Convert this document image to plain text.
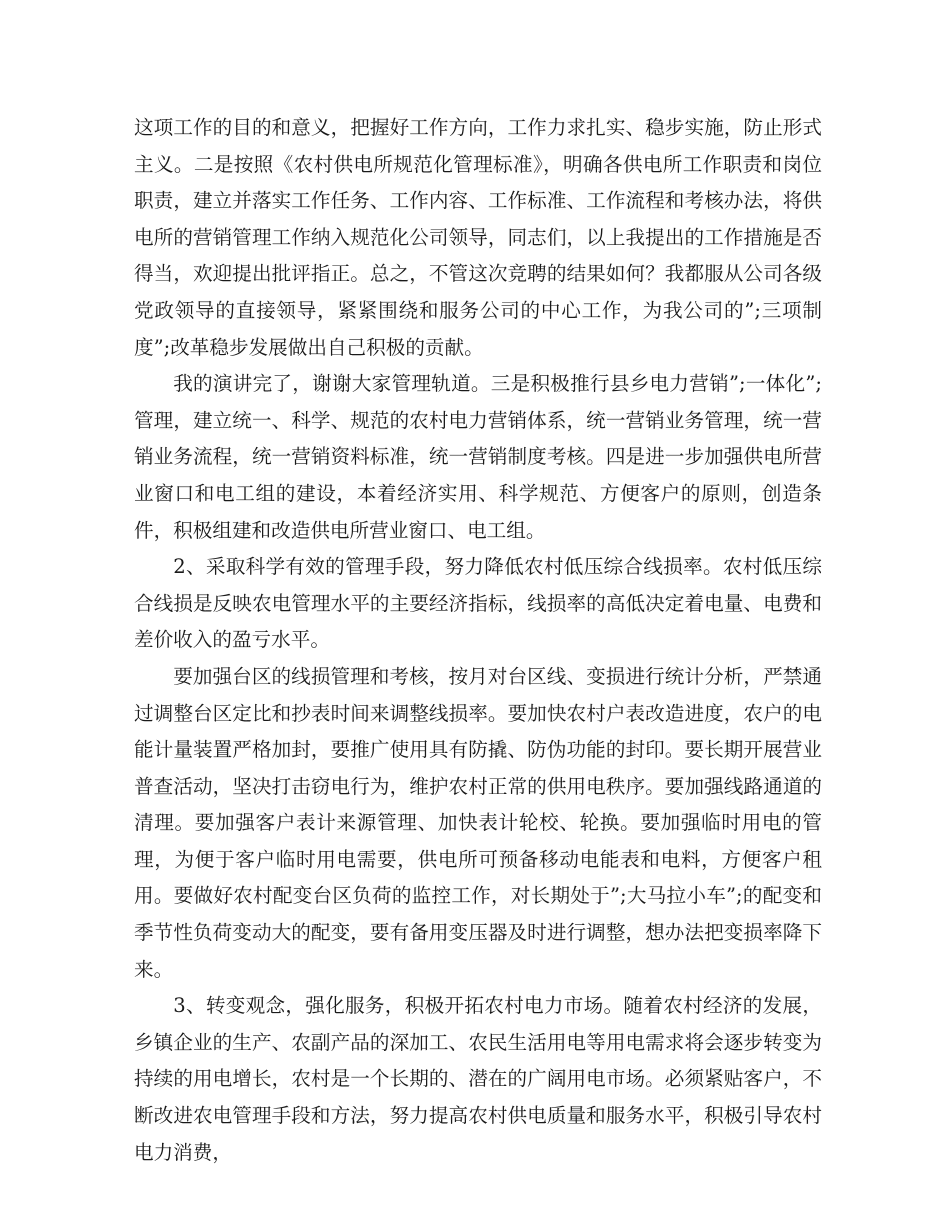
这项工作的目的和意义，把握好工作方向，工作力求扎实、稳步实施，防止形式主义。二是按照《农村供电所规范化管理标准》，明确各供电所工作职责和岗位职责，建立并落实工作任务、工作内容、工作标准、工作流程和考核办法，将供电所的营销管理工作纳入规范化公司领导，同志们，以上我提出的工作措施是否得当，欢迎提出批评指正。总之，不管这次竞聘的结果如何？我都服从公司各级党政领导的直接领导，紧紧围绕和服务公司的中心工作，为我公司的”;三项制度”;改革稳步发展做出自己积极的贡献。

我的演讲完了，谢谢大家管理轨道。三是积极推行县乡电力营销”;一体化”;管理，建立统一、科学、规范的农村电力营销体系，统一营销业务管理，统一营销业务流程，统一营销资料标准，统一营销制度考核。四是进一步加强供电所营业窗口和电工组的建设，本着经济实用、科学规范、方便客户的原则，创造条件，积极组建和改造供电所营业窗口、电工组。

2、采取科学有效的管理手段，努力降低农村低压综合线损率。农村低压综合线损是反映农电管理水平的主要经济指标，线损率的高低决定着电量、电费和差价收入的盈亏水平。

要加强台区的线损管理和考核，按月对台区线、变损进行统计分析，严禁通过调整台区定比和抄表时间来调整线损率。要加快农村户表改造进度，农户的电能计量装置严格加封，要推广使用具有防撬、防伪功能的封印。要长期开展营业普查活动，坚决打击窃电行为，维护农村正常的供用电秩序。要加强线路通道的清理。要加强客户表计来源管理、加快表计轮校、轮换。要加强临时用电的管理，为便于客户临时用电需要，供电所可预备移动电能表和电料，方便客户租用。要做好农村配变台区负荷的监控工作，对长期处于”;大马拉小车”;的配变和季节性负荷变动大的配变，要有备用变压器及时进行调整，想办法把变损率降下来。

3、转变观念，强化服务，积极开拓农村电力市场。随着农村经济的发展，乡镇企业的生产、农副产品的深加工、农民生活用电等用电需求将会逐步转变为持续的用电增长，农村是一个长期的、潜在的广阔用电市场。必须紧贴客户，不断改进农电管理手段和方法，努力提高农村供电质量和服务水平，积极引导农村电力消费，
